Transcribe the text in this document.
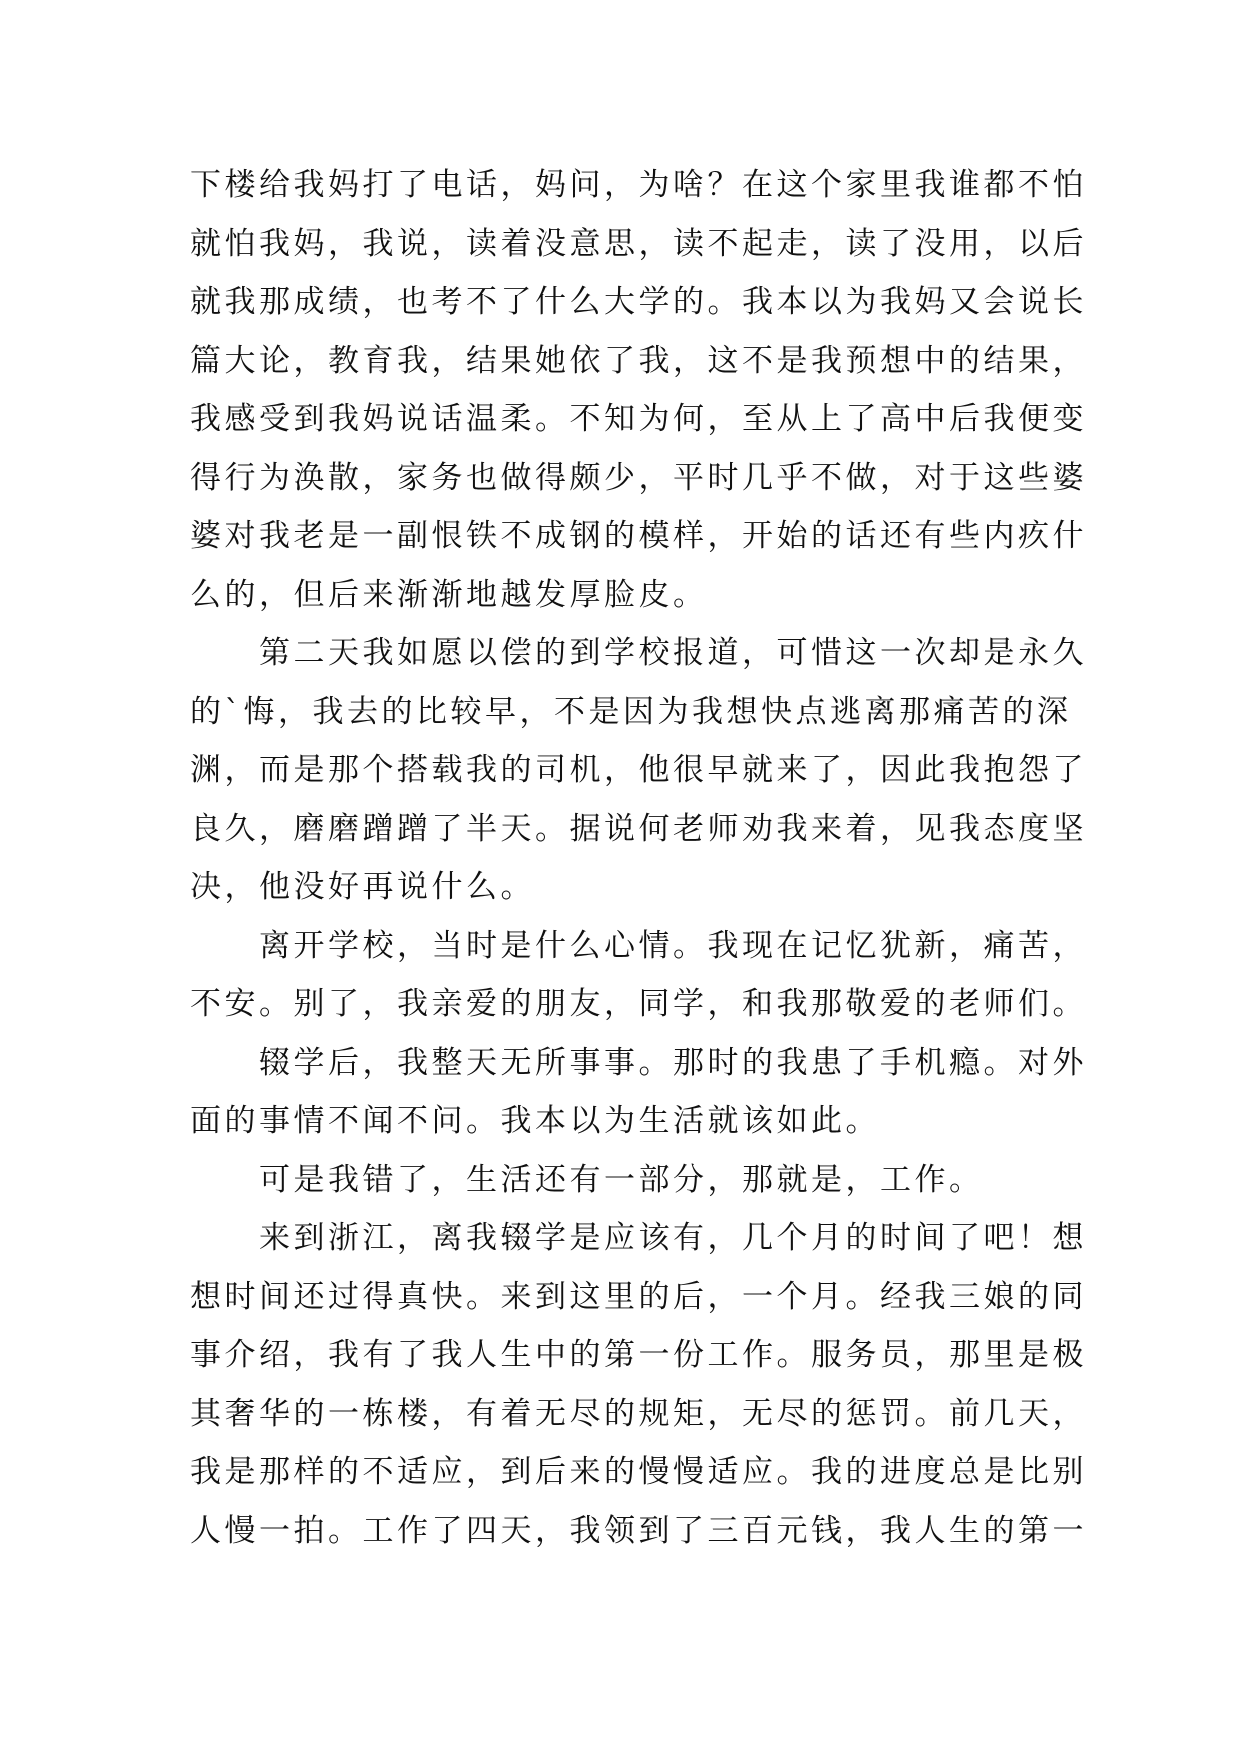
下楼给我妈打了电话，妈问，为啥？在这个家里我谁都不怕
就怕我妈，我说，读着没意思，读不起走，读了没用，以后
就我那成绩，也考不了什么大学的。我本以为我妈又会说长
篇大论，教育我，结果她依了我，这不是我预想中的结果，
我感受到我妈说话温柔。不知为何，至从上了高中后我便变
得行为涣散，家务也做得颇少，平时几乎不做，对于这些婆
婆对我老是一副恨铁不成钢的模样，开始的话还有些内疚什
么的，但后来渐渐地越发厚脸皮。
　　第二天我如愿以偿的到学校报道，可惜这一次却是永久
的`悔，我去的比较早，不是因为我想快点逃离那痛苦的深
渊，而是那个搭载我的司机，他很早就来了，因此我抱怨了
良久，磨磨蹭蹭了半天。据说何老师劝我来着，见我态度坚
决，他没好再说什么。
　　离开学校，当时是什么心情。我现在记忆犹新，痛苦，
不安。别了，我亲爱的朋友，同学，和我那敬爱的老师们。
　　辍学后，我整天无所事事。那时的我患了手机瘾。对外
面的事情不闻不问。我本以为生活就该如此。
　　可是我错了，生活还有一部分，那就是，工作。
　　来到浙江，离我辍学是应该有，几个月的时间了吧！想
想时间还过得真快。来到这里的后，一个月。经我三娘的同
事介绍，我有了我人生中的第一份工作。服务员，那里是极
其奢华的一栋楼，有着无尽的规矩，无尽的惩罚。前几天，
我是那样的不适应，到后来的慢慢适应。我的进度总是比别
人慢一拍。工作了四天，我领到了三百元钱，我人生的第一
